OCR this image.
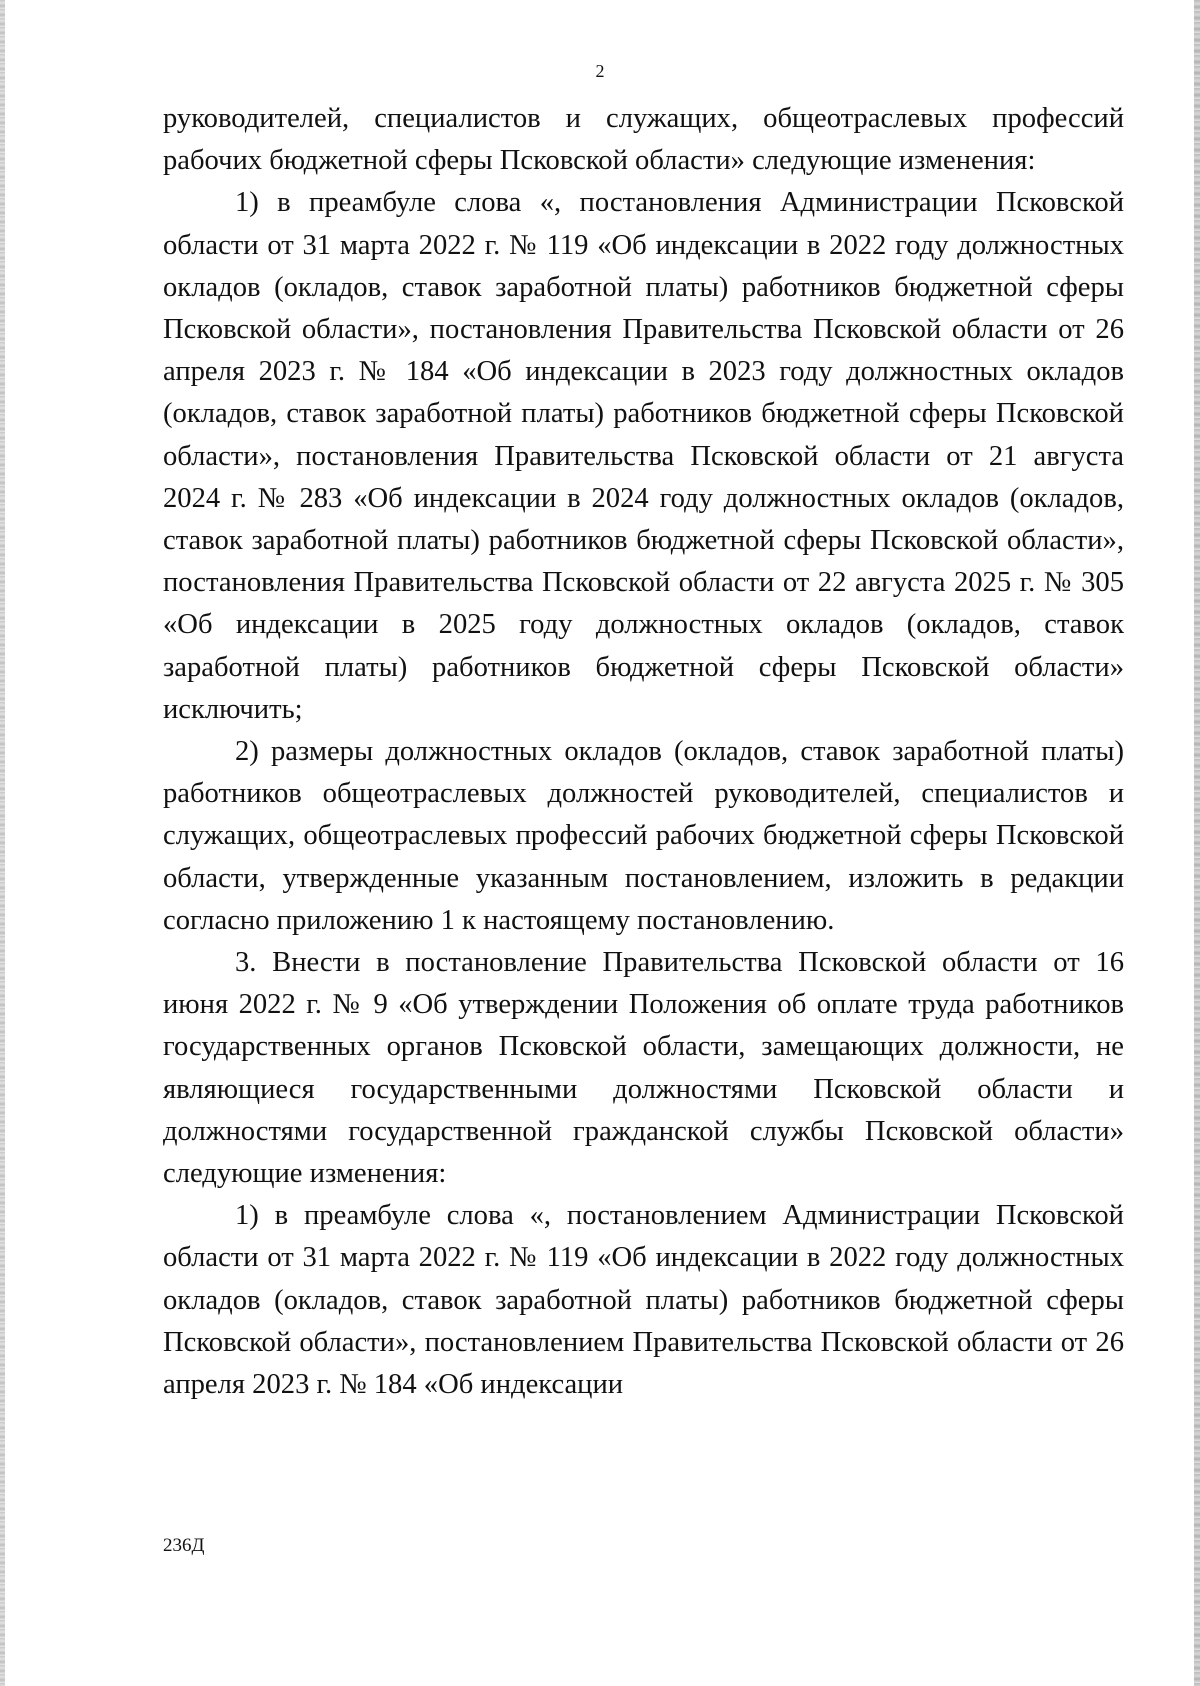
2

руководителей, специалистов и служащих, общеотраслевых профессий рабочих бюджетной сферы Псковской области» следующие изменения:

1) в преамбуле слова «, постановления Администрации Псковской области от 31 марта 2022 г. № 119 «Об индексации в 2022 году должностных окладов (окладов, ставок заработной платы) работников бюджетной сферы Псковской области», постановления Правительства Псковской области от 26 апреля 2023 г. № 184 «Об индексации в 2023 году должностных окладов (окладов, ставок заработной платы) работников бюджетной сферы Псковской области», постановления Правительства Псковской области от 21 августа 2024 г. № 283 «Об индексации в 2024 году должностных окладов (окладов, ставок заработной платы) работников бюджетной сферы Псковской области», постановления Правительства Псковской области от 22 августа 2025 г. № 305 «Об индексации в 2025 году должностных окладов (окладов, ставок заработной платы) работников бюджетной сферы Псковской области» исключить;

2) размеры должностных окладов (окладов, ставок заработной платы) работников общеотраслевых должностей руководителей, специалистов и служащих, общеотраслевых профессий рабочих бюджетной сферы Псковской области, утвержденные указанным постановлением, изложить в редакции согласно приложению 1 к настоящему постановлению.

3. Внести в постановление Правительства Псковской области от 16 июня 2022 г. № 9 «Об утверждении Положения об оплате труда работников государственных органов Псковской области, замещающих должности, не являющиеся государственными должностями Псковской области и должностями государственной гражданской службы Псковской области» следующие изменения:

1) в преамбуле слова «, постановлением Администрации Псковской области от 31 марта 2022 г. № 119 «Об индексации в 2022 году должностных окладов (окладов, ставок заработной платы) работников бюджетной сферы Псковской области», постановлением Правительства Псковской области от 26 апреля 2023 г. № 184 «Об индексации

236Д
